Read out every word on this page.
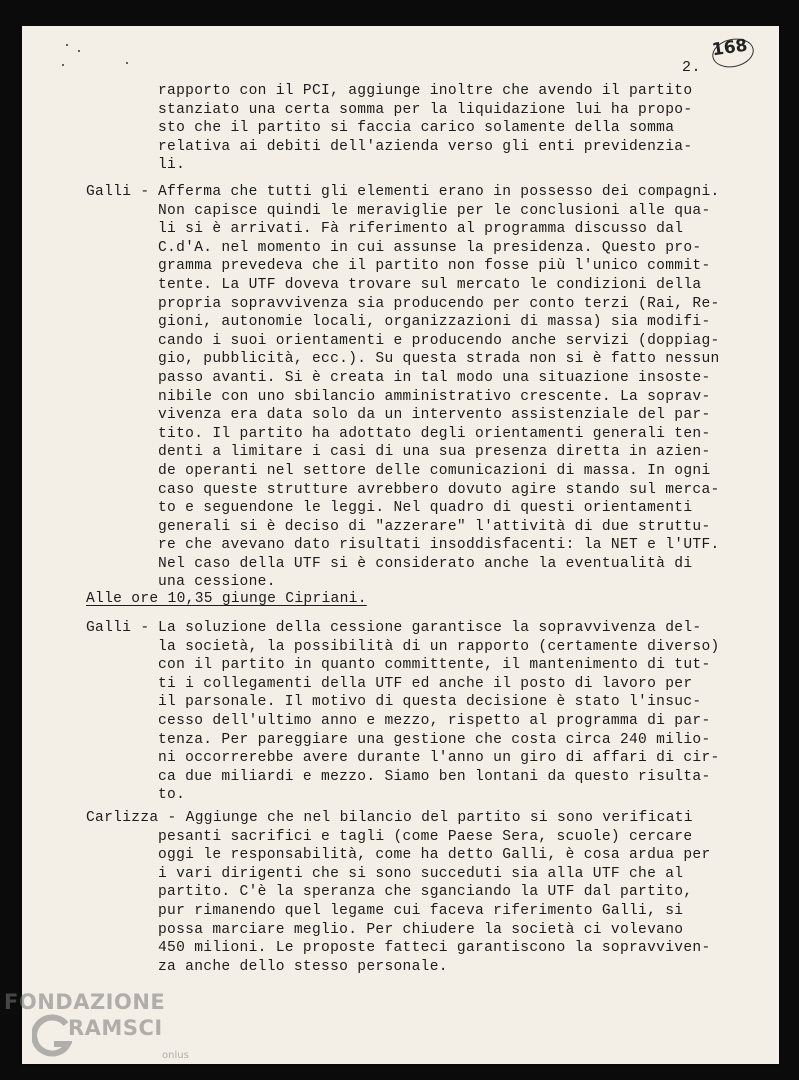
2.
168
rapporto con il PCI, aggiunge inoltre che avendo il partito
stanziato una certa somma per la liquidazione lui ha propo-
sto che il partito si faccia carico solamente della somma
relativa ai debiti dell'azienda verso gli enti previdenzia-
li.
Galli - Afferma che tutti gli elementi erano in possesso dei compagni.
Non capisce quindi le meraviglie per le conclusioni alle qua-
li si è arrivati. Fà riferimento al programma discusso dal
C.d'A. nel momento in cui assunse la presidenza. Questo pro-
gramma prevedeva che il partito non fosse più l'unico commit-
tente. La UTF doveva trovare sul mercato le condizioni della
propria sopravvivenza sia producendo per conto terzi (Rai, Re-
gioni, autonomie locali, organizzazioni di massa) sia modifi-
cando i suoi orientamenti e producendo anche servizi (doppiag-
gio, pubblicità, ecc.). Su questa strada non si è fatto nessun
passo avanti. Si è creata in tal modo una situazione insoste-
nibile con uno sbilancio amministrativo crescente. La soprav-
vivenza era data solo da un intervento assistenziale del par-
tito. Il partito ha adottato degli orientamenti generali ten-
denti a limitare i casi di una sua presenza diretta in azien-
de operanti nel settore delle comunicazioni di massa. In ogni
caso queste strutture avrebbero dovuto agire stando sul merca-
to e seguendone le leggi. Nel quadro di questi orientamenti
generali si è deciso di "azzerare" l'attività di due struttu-
re che avevano dato risultati insoddisfacenti: la NET e l'UTF.
Nel caso della UTF si è considerato anche la eventualità di
una cessione.
Alle ore 10,35 giunge Cipriani.
Galli - La soluzione della cessione garantisce la sopravvivenza del-
la società, la possibilità di un rapporto (certamente diverso)
con il partito in quanto committente, il mantenimento di tut-
ti i collegamenti della UTF ed anche il posto di lavoro per
il parsonale. Il motivo di questa decisione è stato l'insuc-
cesso dell'ultimo anno e mezzo, rispetto al programma di par-
tenza. Per pareggiare una gestione che costa circa 240 milio-
ni occorrerebbe avere durante l'anno un giro di affari di cir-
ca due miliardi e mezzo. Siamo ben lontani da questo risulta-
to.
Carlizza - Aggiunge che nel bilancio del partito si sono verificati
pesanti sacrifici e tagli (come Paese Sera, scuole) cercare
oggi le responsabilità, come ha detto Galli, è cosa ardua per
i vari dirigenti che si sono succeduti sia alla UTF che al
partito. C'è la speranza che sganciando la UTF dal partito,
pur rimanendo quel legame cui faceva riferimento Galli, si
possa marciare meglio. Per chiudere la società ci volevano
450 milioni. Le proposte fatteci garantiscono la sopravviven-
za anche dello stesso personale.
FONDAZIONE
RAMSCI
onlus
